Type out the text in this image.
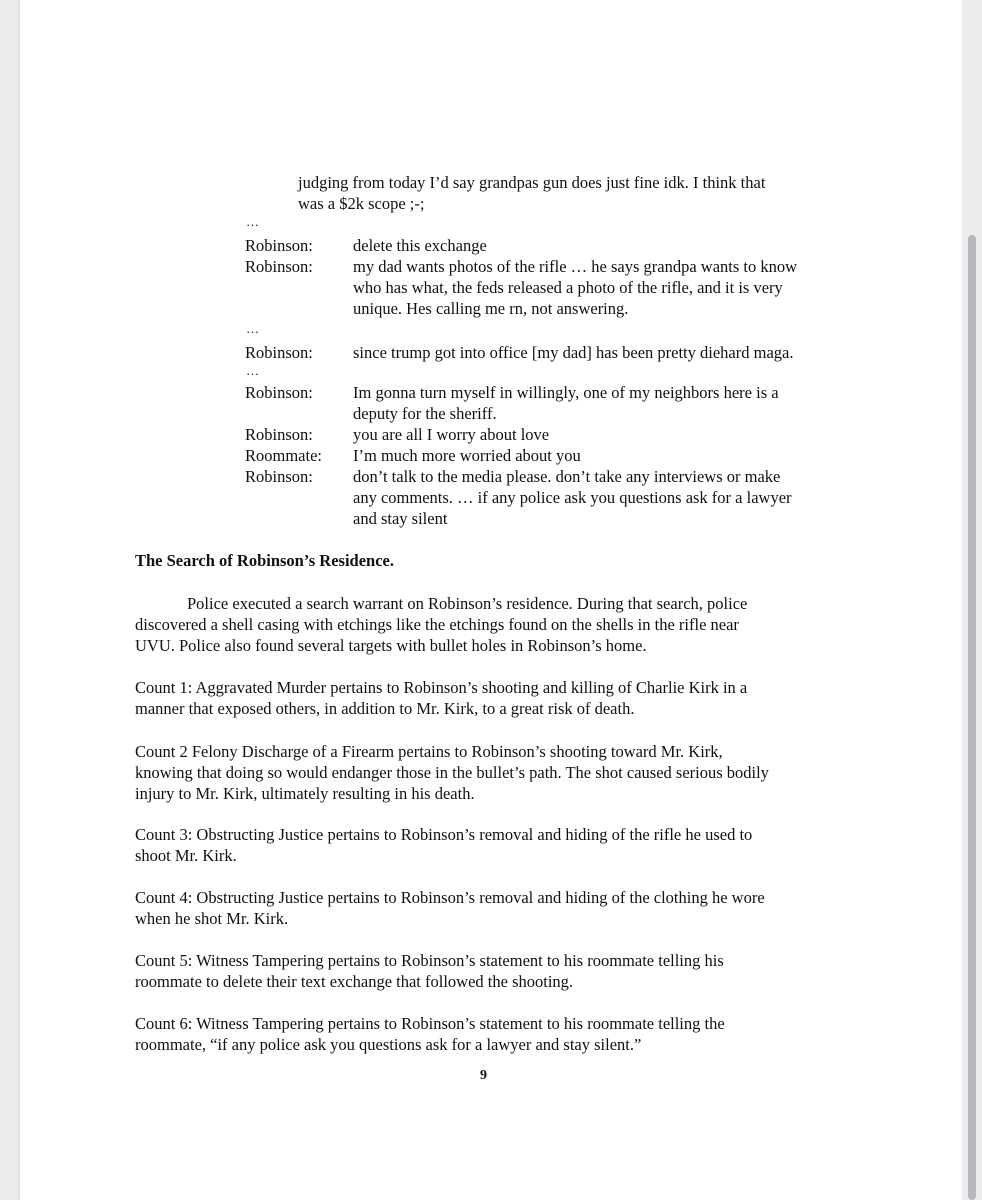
judging from today I’d say grandpas gun does just fine idk. I think that
was a $2k scope ;-;
…
Robinson:	delete this exchange
Robinson:	my dad wants photos of the rifle … he says grandpa wants to know
who has what, the feds released a photo of the rifle, and it is very
unique. Hes calling me rn, not answering.
…
Robinson:	since trump got into office [my dad] has been pretty diehard maga.
…
Robinson:	Im gonna turn myself in willingly, one of my neighbors here is a
deputy for the sheriff.
Robinson:	you are all I worry about love
Roommate:	I’m much more worried about you
Robinson:	don’t talk to the media please. don’t take any interviews or make
any comments. … if any police ask you questions ask for a lawyer
and stay silent
The Search of Robinson’s Residence.
Police executed a search warrant on Robinson’s residence. During that search, police
discovered a shell casing with etchings like the etchings found on the shells in the rifle near
UVU. Police also found several targets with bullet holes in Robinson’s home.
Count 1: Aggravated Murder pertains to Robinson’s shooting and killing of Charlie Kirk in a
manner that exposed others, in addition to Mr. Kirk, to a great risk of death.
Count 2 Felony Discharge of a Firearm pertains to Robinson’s shooting toward Mr. Kirk,
knowing that doing so would endanger those in the bullet’s path. The shot caused serious bodily
injury to Mr. Kirk, ultimately resulting in his death.
Count 3: Obstructing Justice pertains to Robinson’s removal and hiding of the rifle he used to
shoot Mr. Kirk.
Count 4: Obstructing Justice pertains to Robinson’s removal and hiding of the clothing he wore
when he shot Mr. Kirk.
Count 5: Witness Tampering pertains to Robinson’s statement to his roommate telling his
roommate to delete their text exchange that followed the shooting.
Count 6: Witness Tampering pertains to Robinson’s statement to his roommate telling the
roommate, “if any police ask you questions ask for a lawyer and stay silent.”
9
